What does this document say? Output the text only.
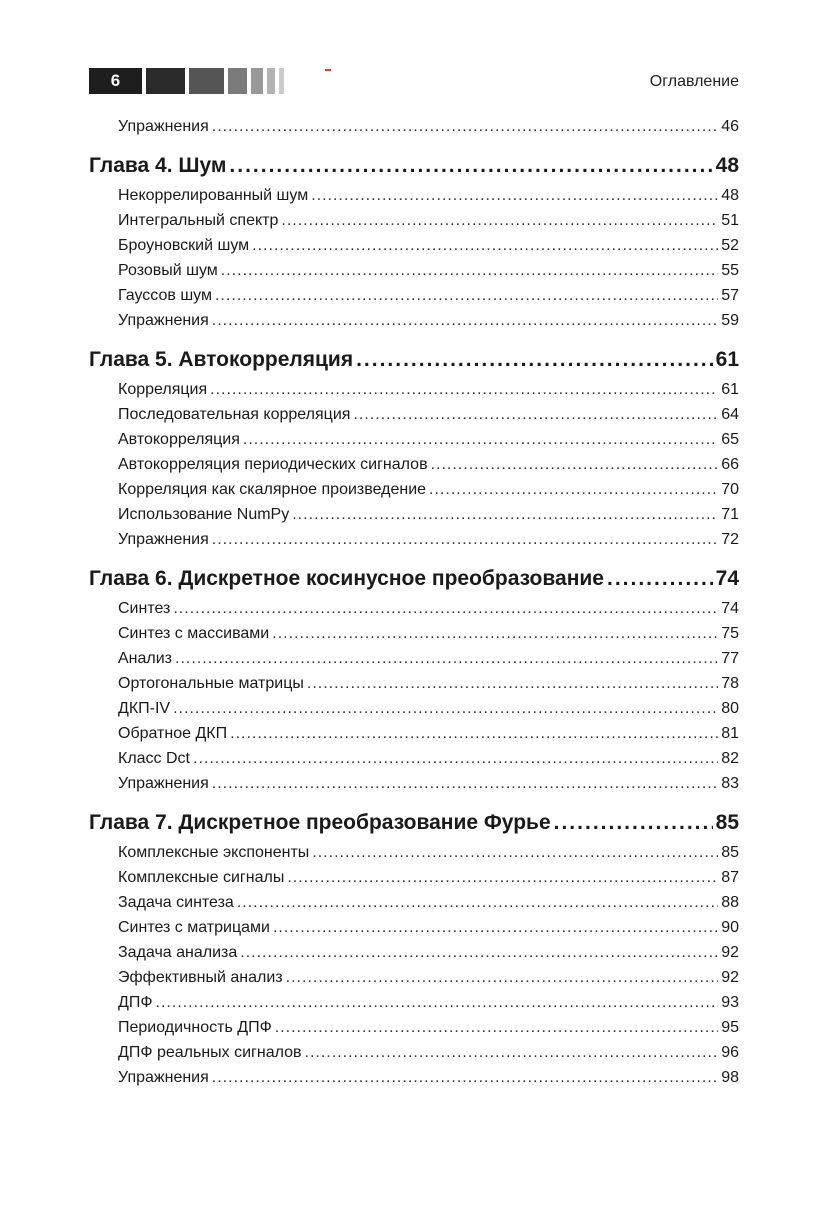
6	Оглавление
Упражнения .....	46
Глава 4. Шум .....	48
Некоррелированный шум .....	48
Интегральный спектр .....	51
Броуновский шум .....	52
Розовый шум .....	55
Гауссов шум .....	57
Упражнения .....	59
Глава 5. Автокорреляция .....	61
Корреляция .....	61
Последовательная корреляция .....	64
Автокорреляция .....	65
Автокорреляция периодических сигналов .....	66
Корреляция как скалярное произведение .....	70
Использование NumPy .....	71
Упражнения .....	72
Глава 6. Дискретное косинусное преобразование .....	74
Синтез .....	74
Синтез с массивами .....	75
Анализ .....	77
Ортогональные матрицы .....	78
ДКП-IV .....	80
Обратное ДКП .....	81
Класс Dct .....	82
Упражнения .....	83
Глава 7. Дискретное преобразование Фурье .....	85
Комплексные экспоненты .....	85
Комплексные сигналы .....	87
Задача синтеза .....	88
Синтез с матрицами .....	90
Задача анализа .....	92
Эффективный анализ .....	92
ДПФ .....	93
Периодичность ДПФ .....	95
ДПФ реальных сигналов .....	96
Упражнения .....	98
